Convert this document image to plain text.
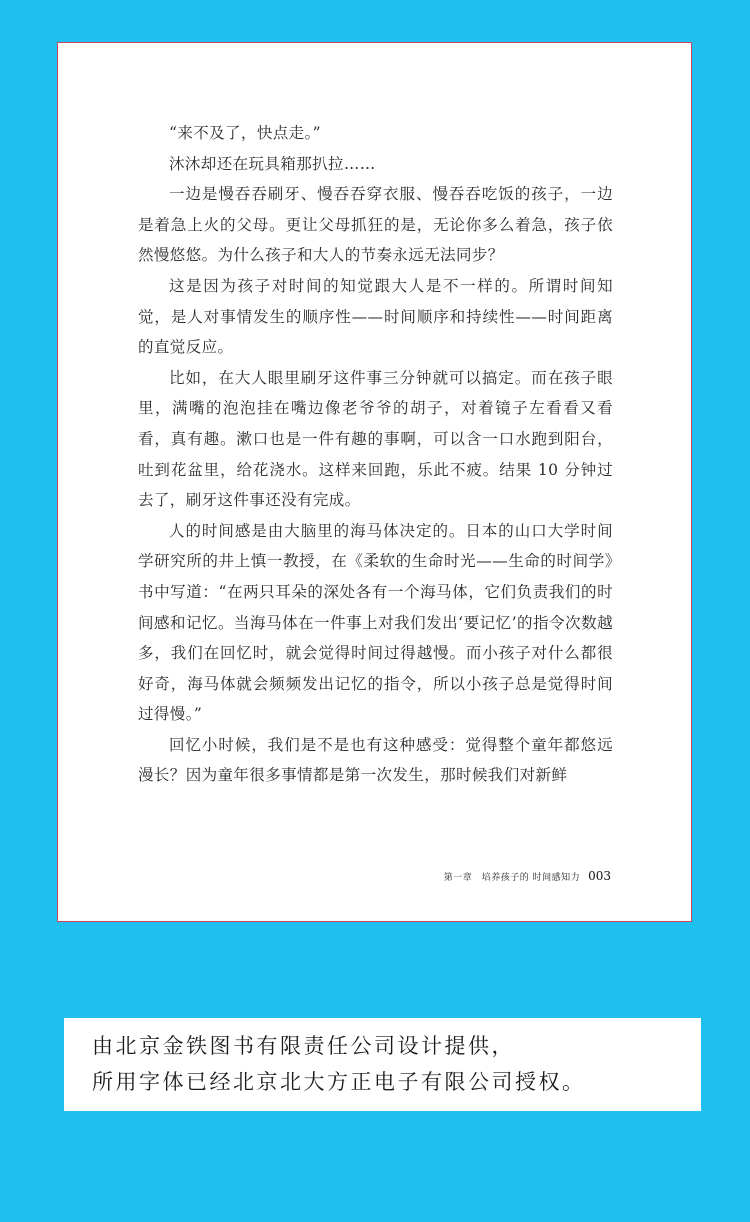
“来不及了，快点走。”

沐沐却还在玩具箱那扒拉……

一边是慢吞吞刷牙、慢吞吞穿衣服、慢吞吞吃饭的孩子，一边是着急上火的父母。更让父母抓狂的是，无论你多么着急，孩子依然慢悠悠。为什么孩子和大人的节奏永远无法同步？

这是因为孩子对时间的知觉跟大人是不一样的。所谓时间知觉，是人对事情发生的顺序性——时间顺序和持续性——时间距离的直觉反应。

比如，在大人眼里刷牙这件事三分钟就可以搞定。而在孩子眼里，满嘴的泡泡挂在嘴边像老爷爷的胡子，对着镜子左看看又看看，真有趣。漱口也是一件有趣的事啊，可以含一口水跑到阳台，吐到花盆里，给花浇水。这样来回跑，乐此不疲。结果 10 分钟过去了，刷牙这件事还没有完成。

人的时间感是由大脑里的海马体决定的。日本的山口大学时间学研究所的井上慎一教授，在《柔软的生命时光——生命的时间学》书中写道：“在两只耳朵的深处各有一个海马体，它们负责我们的时间感和记忆。当海马体在一件事上对我们发出‘要记忆’的指令次数越多，我们在回忆时，就会觉得时间过得越慢。而小孩子对什么都很好奇，海马体就会频频发出记忆的指令，所以小孩子总是觉得时间过得慢。”

回忆小时候，我们是不是也有这种感受：觉得整个童年都悠远漫长？因为童年很多事情都是第一次发生，那时候我们对新鲜

第一章　培养孩子的 时间感知力 003
由北京金铁图书有限责任公司设计提供，
所用字体已经北京北大方正电子有限公司授权。
